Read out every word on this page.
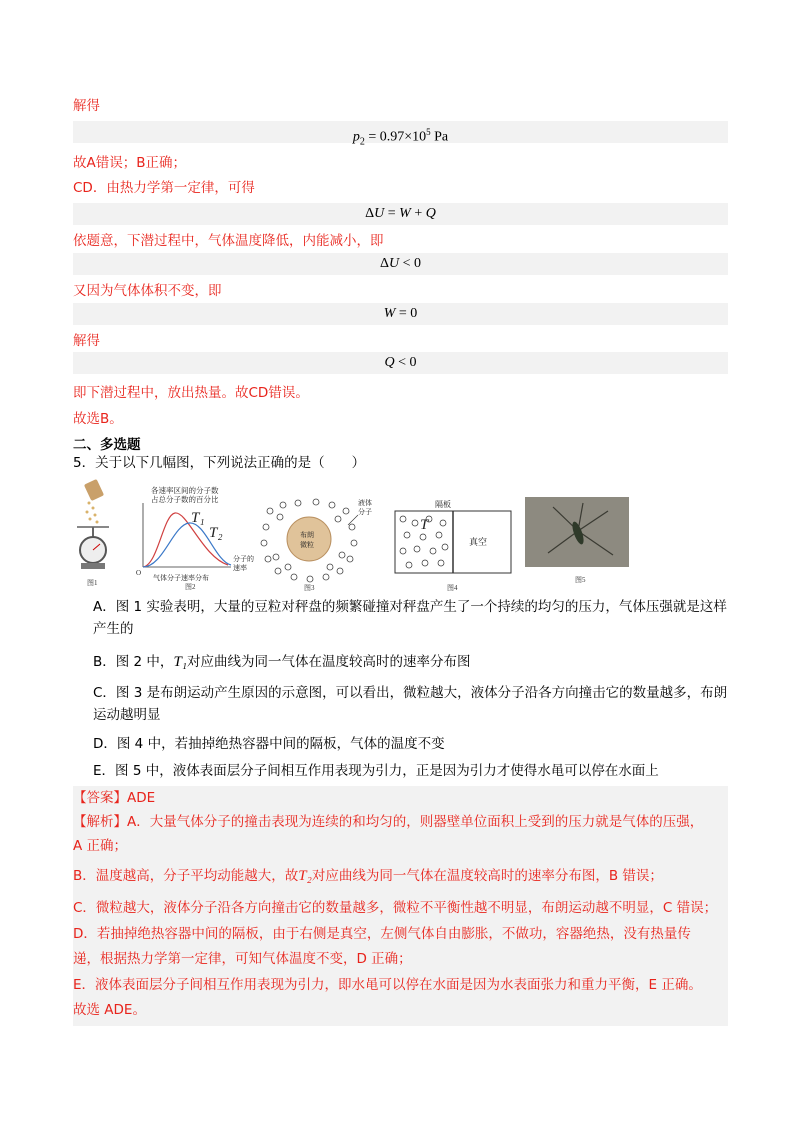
解得
$p_2 = 0.97\times 10^5$ Pa
故A错误；B正确；
CD．由热力学第一定律，可得
ΔU = W + Q
依题意，下潜过程中，气体温度降低，内能减小，即
ΔU < 0
又因为气体体积不变，即
W = 0
解得
Q < 0
即下潜过程中，放出热量。故CD错误。
故选B。
二、多选题
5．关于以下几幅图，下列说法正确的是（　　）
图1
各速率区间的分子数
占总分子数的百分比
T₁
T₂
O
分子的
速率
气体分子速率分布
图2
布朗
微粒
液体
分子
图3
隔板
T
真空
图4
图5
A．图 1 实验表明，大量的豆粒对秤盘的频繁碰撞对秤盘产生了一个持续的均匀的压力，气体压强就是这样产生的
B．图 2 中，T₁对应曲线为同一气体在温度较高时的速率分布图
C．图 3 是布朗运动产生原因的示意图，可以看出，微粒越大，液体分子沿各方向撞击它的数量越多，布朗运动越明显
D．图 4 中，若抽掉绝热容器中间的隔板，气体的温度不变
E．图 5 中，液体表面层分子间相互作用表现为引力，正是因为引力才使得水黾可以停在水面上
【答案】ADE
【解析】A．大量气体分子的撞击表现为连续的和均匀的，则器壁单位面积上受到的压力就是气体的压强，
A 正确；
B．温度越高，分子平均动能越大，故T₂对应曲线为同一气体在温度较高时的速率分布图，B 错误；
C．微粒越大，液体分子沿各方向撞击它的数量越多，微粒不平衡性越不明显，布朗运动越不明显，C 错误；
D．若抽掉绝热容器中间的隔板，由于右侧是真空，左侧气体自由膨胀，不做功，容器绝热，没有热量传
递，根据热力学第一定律，可知气体温度不变，D 正确；
E．液体表面层分子间相互作用表现为引力，即水黾可以停在水面是因为水表面张力和重力平衡，E 正确。
故选 ADE。
